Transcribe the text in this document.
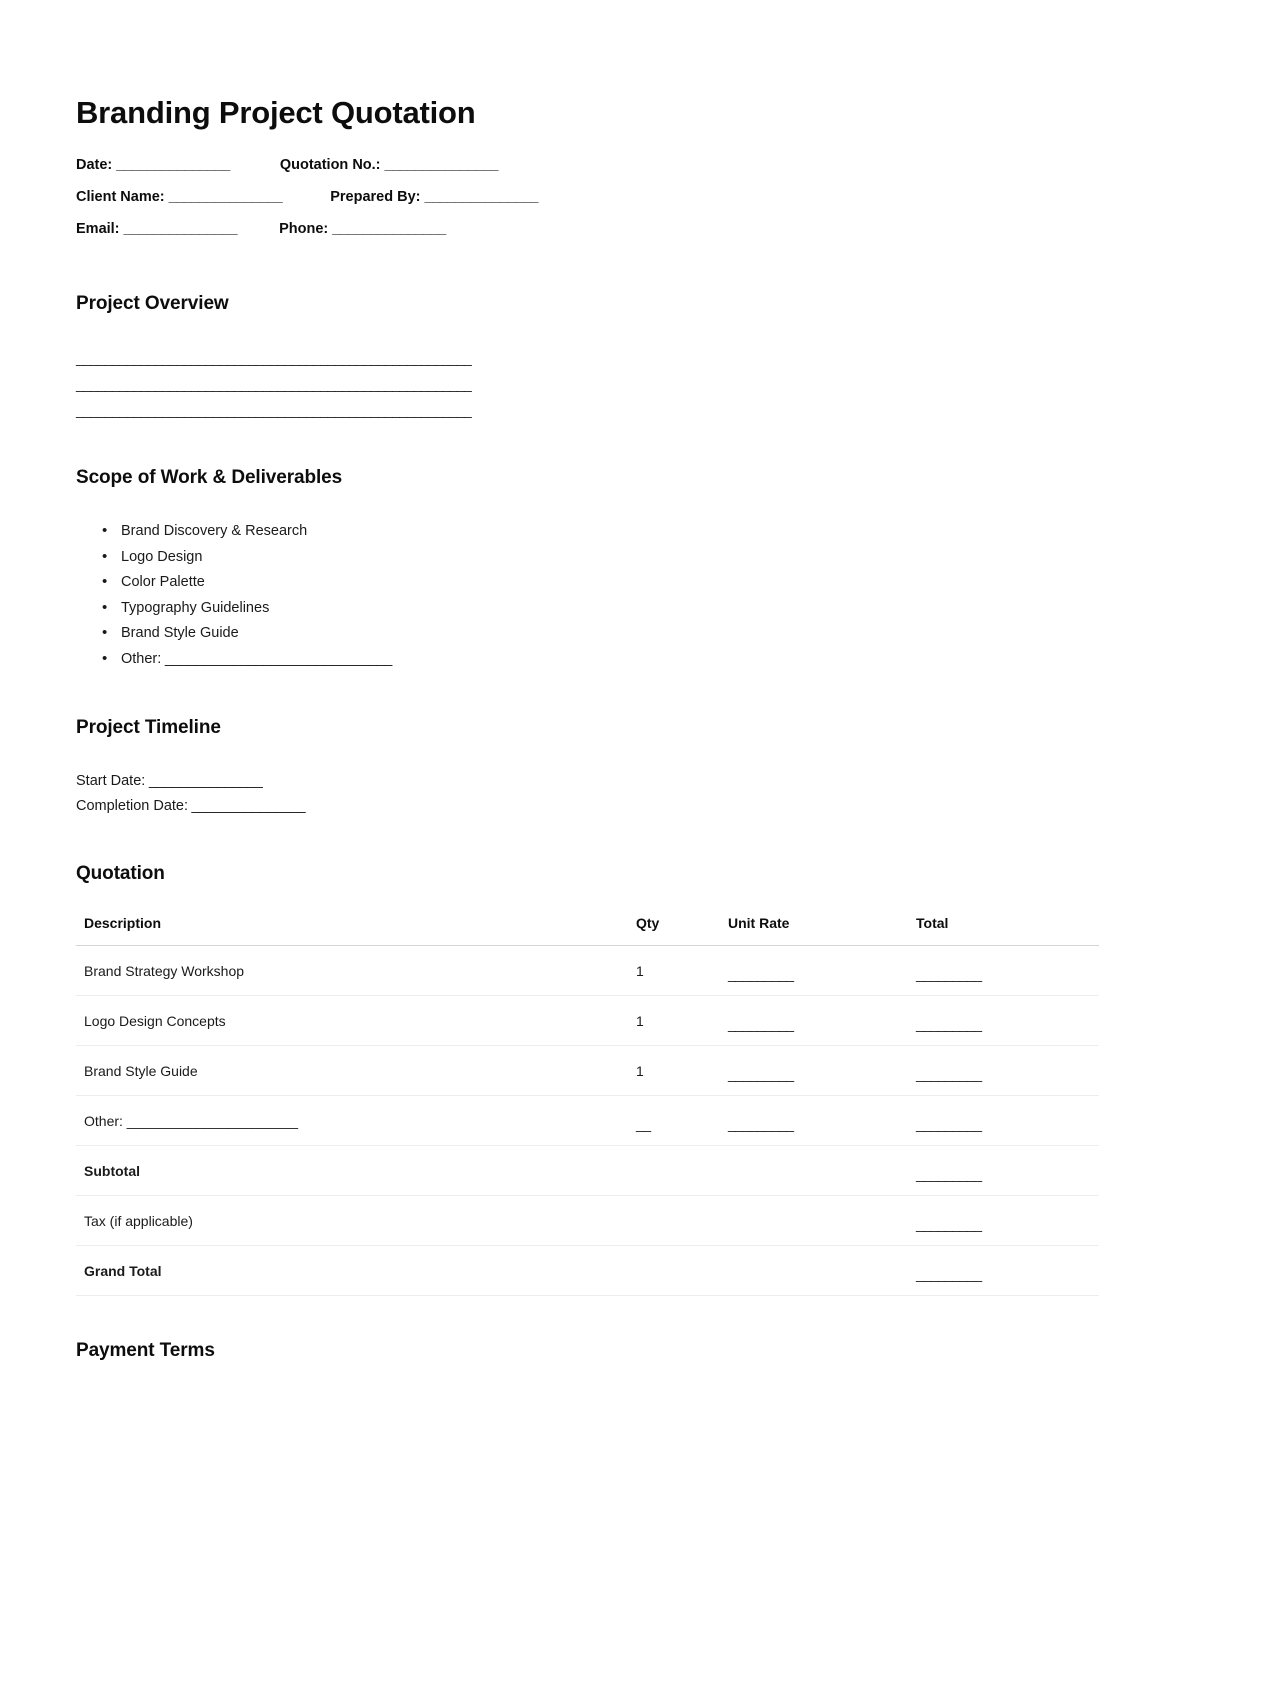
Branding Project Quotation
Date: _______________	Quotation No.: _______________
Client Name: _______________	Prepared By: _______________
Email: _______________	Phone: _______________
Project Overview
_______________________________________________________
_______________________________________________________
_______________________________________________________
Scope of Work & Deliverables
• Brand Discovery & Research
• Logo Design
• Color Palette
• Typography Guidelines
• Brand Style Guide
• Other: ______________________________
Project Timeline
Start Date: _______________
Completion Date: _______________
Quotation
Description	Qty	Unit Rate	Total
Brand Strategy Workshop	1	_________	_________
Logo Design Concepts	1	_________	_________
Brand Style Guide	1	_________	_________
Other: ______________________	__	_________	_________
Subtotal			_________
Tax (if applicable)			_________
Grand Total			_________
Payment Terms
